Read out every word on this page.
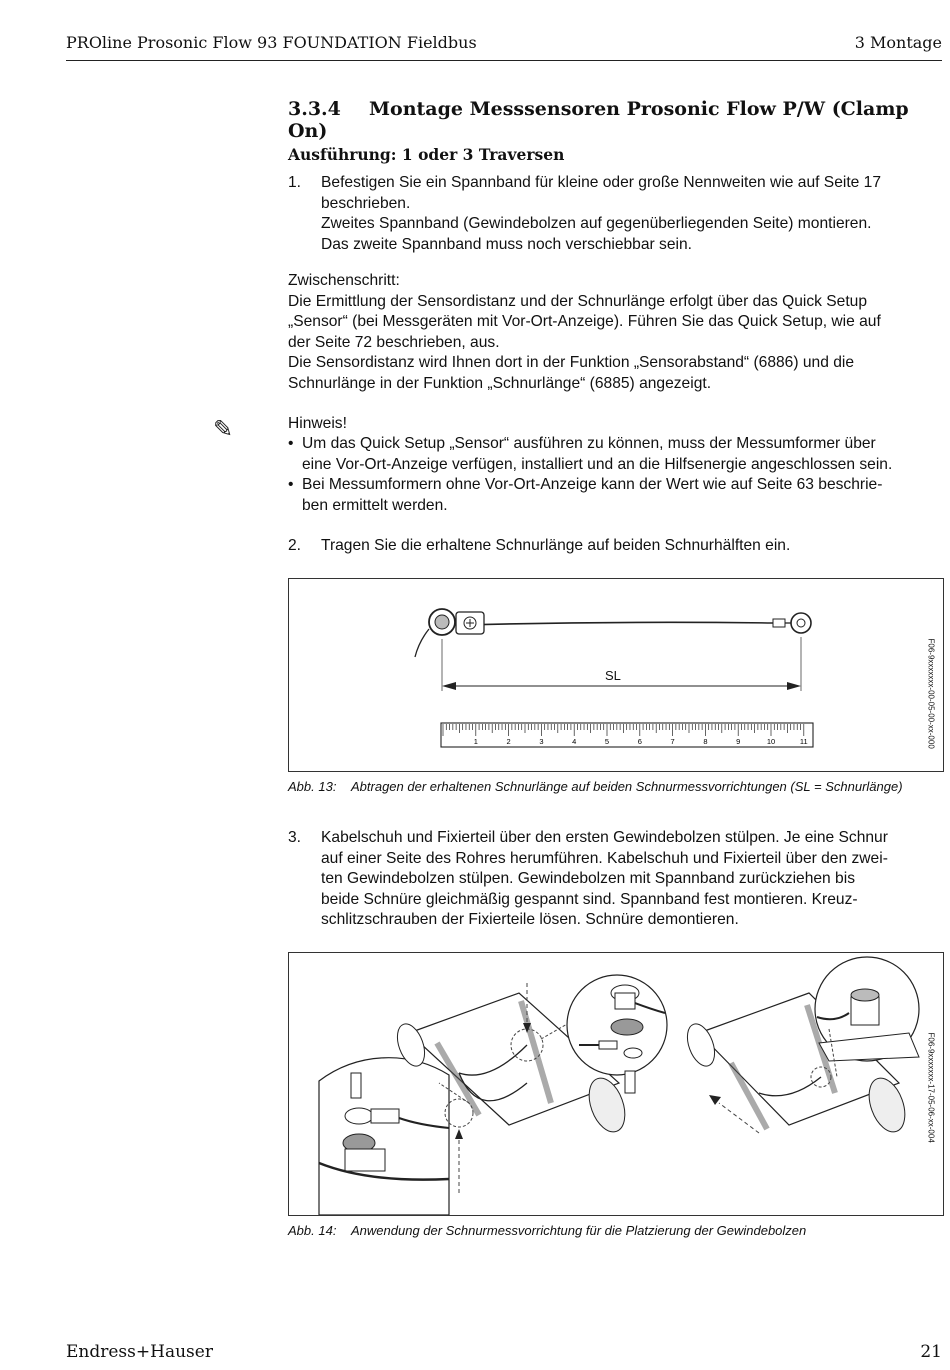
PROline Prosonic Flow 93 FOUNDATION Fieldbus	3 Montage
3.3.4 Montage Messsensoren Prosonic Flow P/W (Clamp On)
Ausführung: 1 oder 3 Traversen
1. Befestigen Sie ein Spannband für kleine oder große Nennweiten wie auf Seite 17
beschrieben.
Zweites Spannband (Gewindebolzen auf gegenüberliegenden Seite) montieren.
Das zweite Spannband muss noch verschiebbar sein.
Zwischenschritt:
Die Ermittlung der Sensordistanz und der Schnurlänge erfolgt über das Quick Setup
„Sensor“ (bei Messgeräten mit Vor-Ort-Anzeige). Führen Sie das Quick Setup, wie auf
der Seite 72 beschrieben, aus.
Die Sensordistanz wird Ihnen dort in der Funktion „Sensorabstand“ (6886) und die
Schnurlänge in der Funktion „Schnurlänge“ (6885) angezeigt.
✎	Hinweis!
• Um das Quick Setup „Sensor“ ausführen zu können, muss der Messumformer über
eine Vor-Ort-Anzeige verfügen, installiert und an die Hilfsenergie angeschlossen sein.
• Bei Messumformern ohne Vor-Ort-Anzeige kann der Wert wie auf Seite 63 beschrie-
ben ermittelt werden.
2. Tragen Sie die erhaltene Schnurlänge auf beiden Schnurhälften ein.
1	2	3	4	5	6	7	8	9	10	11
SL	F06-9xxxxxxx-00-05-00-xx-000
Abb. 13: Abtragen der erhaltenen Schnurlänge auf beiden Schnurmessvorrichtungen (SL = Schnurlänge)
3. Kabelschuh und Fixierteil über den ersten Gewindebolzen stülpen. Je eine Schnur
auf einer Seite des Rohres herumführen. Kabelschuh und Fixierteil über den zwei-
ten Gewindebolzen stülpen. Gewindebolzen mit Spannband zurückziehen bis
beide Schnüre gleichmäßig gespannt sind. Spannband fest montieren. Kreuz-
schlitzschrauben der Fixierteile lösen. Schnüre demontieren.
F06-9xxxxxxx-17-05-06-xx-004
Abb. 14: Anwendung der Schnurmessvorrichtung für die Platzierung der Gewindebolzen
Endress+Hauser	21
